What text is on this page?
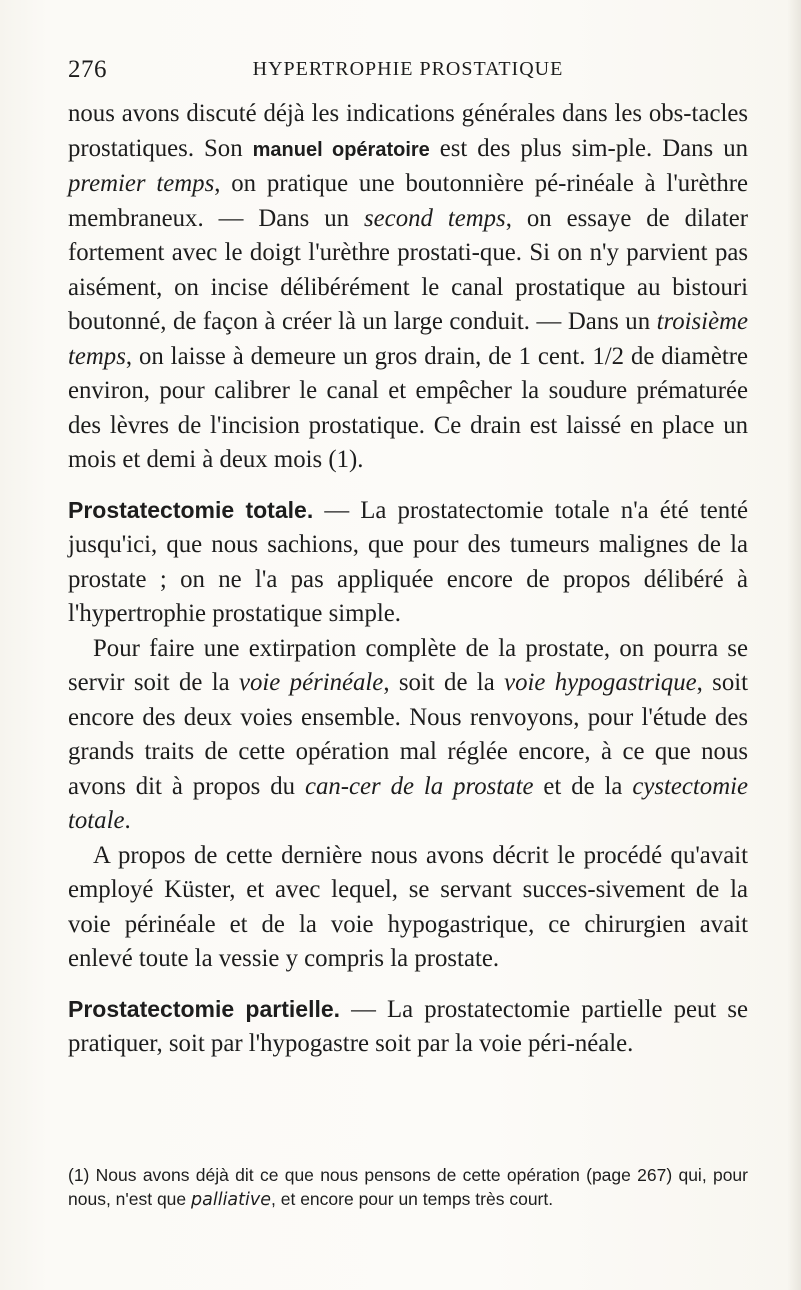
276	HYPERTROPHIE PROSTATIQUE

nous avons discuté déjà les indications générales dans les obs-tacles prostatiques. Son manuel opératoire est des plus sim-ple. Dans un premier temps, on pratique une boutonnière pé-rinéale à l'urèthre membraneux. — Dans un second temps, on essaye de dilater fortement avec le doigt l'urèthre prostati-que. Si on n'y parvient pas aisément, on incise délibérément le canal prostatique au bistouri boutonné, de façon à créer là un large conduit. — Dans un troisième temps, on laisse à demeure un gros drain, de 1 cent. 1/2 de diamètre environ, pour calibrer le canal et empêcher la soudure prématurée des lèvres de l'incision prostatique. Ce drain est laissé en place un mois et demi à deux mois (1).

Prostatectomie totale. — La prostatectomie totale n'a été tenté jusqu'ici, que nous sachions, que pour des tumeurs malignes de la prostate ; on ne l'a pas appliquée encore de propos délibéré à l'hypertrophie prostatique simple.

Pour faire une extirpation complète de la prostate, on pourra se servir soit de la voie périnéale, soit de la voie hypogastrique, soit encore des deux voies ensemble. Nous renvoyons, pour l'étude des grands traits de cette opération mal réglée encore, à ce que nous avons dit à propos du can-cer de la prostate et de la cystectomie totale.

A propos de cette dernière nous avons décrit le procédé qu'avait employé Küster, et avec lequel, se servant succes-sivement de la voie périnéale et de la voie hypogastrique, ce chirurgien avait enlevé toute la vessie y compris la prostate.

Prostatectomie partielle. — La prostatectomie partielle peut se pratiquer, soit par l'hypogastre soit par la voie péri-néale.

(1) Nous avons déjà dit ce que nous pensons de cette opération (page 267) qui, pour nous, n'est que palliative, et encore pour un temps très court.
